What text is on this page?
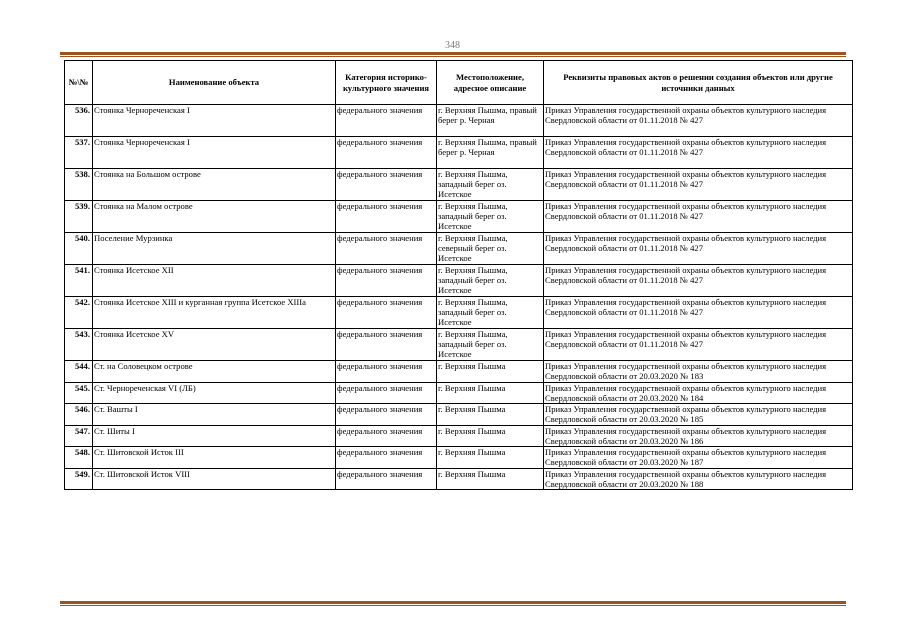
348
№\№	Наименование объекта	Категория историко-культурного значения	Местоположение, адресное описание	Реквизиты правовых актов о решении создания объектов или другие источники данных
536.	Стоянка Чернореченская I	федерального значения	г. Верхняя Пышма, правый берег р. Черная	Приказ Управления государственной охраны объектов культурного наследия Свердловской области от 01.11.2018 № 427
537.	Стоянка Чернореченская I	федерального значения	г. Верхняя Пышма, правый берег р. Черная	Приказ Управления государственной охраны объектов культурного наследия Свердловской области от 01.11.2018 № 427
538.	Стоянка на Большом острове	федерального значения	г. Верхняя Пышма, западный берег оз. Исетское	Приказ Управления государственной охраны объектов культурного наследия Свердловской области от 01.11.2018 № 427
539.	Стоянка на Малом острове	федерального значения	г. Верхняя Пышма, западный берег оз. Исетское	Приказ Управления государственной охраны объектов культурного наследия Свердловской области от 01.11.2018 № 427
540.	Поселение Мурзинка	федерального значения	г. Верхняя Пышма, северный берег оз. Исетское	Приказ Управления государственной охраны объектов культурного наследия Свердловской области от 01.11.2018 № 427
541.	Стоянка Исетское XII	федерального значения	г. Верхняя Пышма, западный берег оз. Исетское	Приказ Управления государственной охраны объектов культурного наследия Свердловской области от 01.11.2018 № 427
542.	Стоянка Исетское XIII и курганная группа Исетское XIIIа	федерального значения	г. Верхняя Пышма, западный берег оз. Исетское	Приказ Управления государственной охраны объектов культурного наследия Свердловской области от 01.11.2018 № 427
543.	Стоянка Исетское XV	федерального значения	г. Верхняя Пышма, западный берег оз. Исетское	Приказ Управления государственной охраны объектов культурного наследия Свердловской области от 01.11.2018 № 427
544.	Ст. на Соловецком острове	федерального значения	г. Верхняя Пышма	Приказ Управления государственной охраны объектов культурного наследия Свердловской области от 20.03.2020 № 183
545.	Ст. Чернореченская VI (ЛБ)	федерального значения	г. Верхняя Пышма	Приказ Управления государственной охраны объектов культурного наследия Свердловской области от 20.03.2020 № 184
546.	Ст. Вашты I	федерального значения	г. Верхняя Пышма	Приказ Управления государственной охраны объектов культурного наследия Свердловской области от 20.03.2020 № 185
547.	Ст. Шиты I	федерального значения	г. Верхняя Пышма	Приказ Управления государственной охраны объектов культурного наследия Свердловской области от 20.03.2020 № 186
548.	Ст. Шитовской Исток III	федерального значения	г. Верхняя Пышма	Приказ Управления государственной охраны объектов культурного наследия Свердловской области от 20.03.2020 № 187
549.	Ст. Шитовской Исток VIII	федерального значения	г. Верхняя Пышма	Приказ Управления государственной охраны объектов культурного наследия Свердловской области от 20.03.2020 № 188
